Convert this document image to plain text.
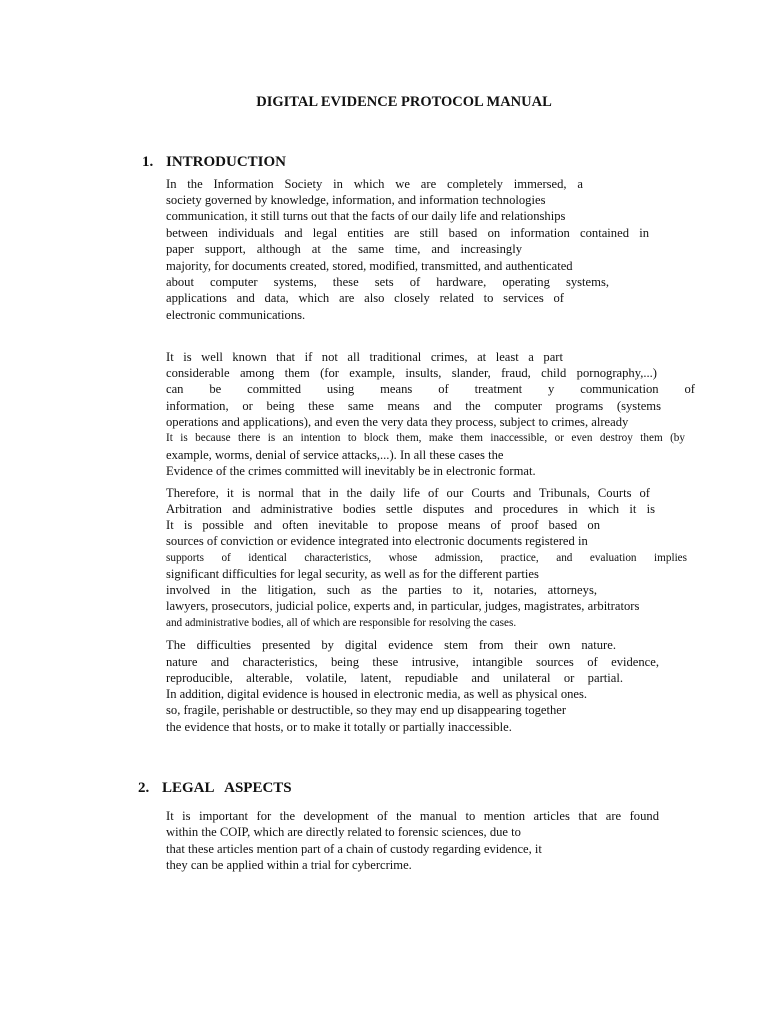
DIGITAL EVIDENCE PROTOCOL MANUAL
1. INTRODUCTION
In the Information Society in which we are completely immersed, a
society governed by knowledge, information, and information technologies
communication, it still turns out that the facts of our daily life and relationships
between individuals and legal entities are still based on information contained in
paper support, although at the same time, and increasingly
majority, for documents created, stored, modified, transmitted, and authenticated
about computer systems, these sets of hardware, operating systems,
applications and data, which are also closely related to services of
electronic communications.
It is well known that if not all traditional crimes, at least a part
considerable among them (for example, insults, slander, fraud, child pornography,...)
can be committed using means of treatment y communication of
information, or being these same means and the computer programs (systems
operations and applications), and even the very data they process, subject to crimes, already
It is because there is an intention to block them, make them inaccessible, or even destroy them (by
example, worms, denial of service attacks,...). In all these cases the
Evidence of the crimes committed will inevitably be in electronic format.
Therefore, it is normal that in the daily life of our Courts and Tribunals, Courts of
Arbitration and administrative bodies settle disputes and procedures in which it is
It is possible and often inevitable to propose means of proof based on
sources of conviction or evidence integrated into electronic documents registered in
supports of identical characteristics, whose admission, practice, and evaluation implies
significant difficulties for legal security, as well as for the different parties
involved in the litigation, such as the parties to it, notaries, attorneys,
lawyers, prosecutors, judicial police, experts and, in particular, judges, magistrates, arbitrators
and administrative bodies, all of which are responsible for resolving the cases.
The difficulties presented by digital evidence stem from their own nature.
nature and characteristics, being these intrusive, intangible sources of evidence,
reproducible, alterable, volatile, latent, repudiable and unilateral or partial.
In addition, digital evidence is housed in electronic media, as well as physical ones.
so, fragile, perishable or destructible, so they may end up disappearing together
the evidence that hosts, or to make it totally or partially inaccessible.

2. LEGAL   ASPECTS

It is important for the development of the manual to mention articles that are found
within the COIP, which are directly related to forensic sciences, due to
that these articles mention part of a chain of custody regarding evidence, it
they can be applied within a trial for cybercrime.
